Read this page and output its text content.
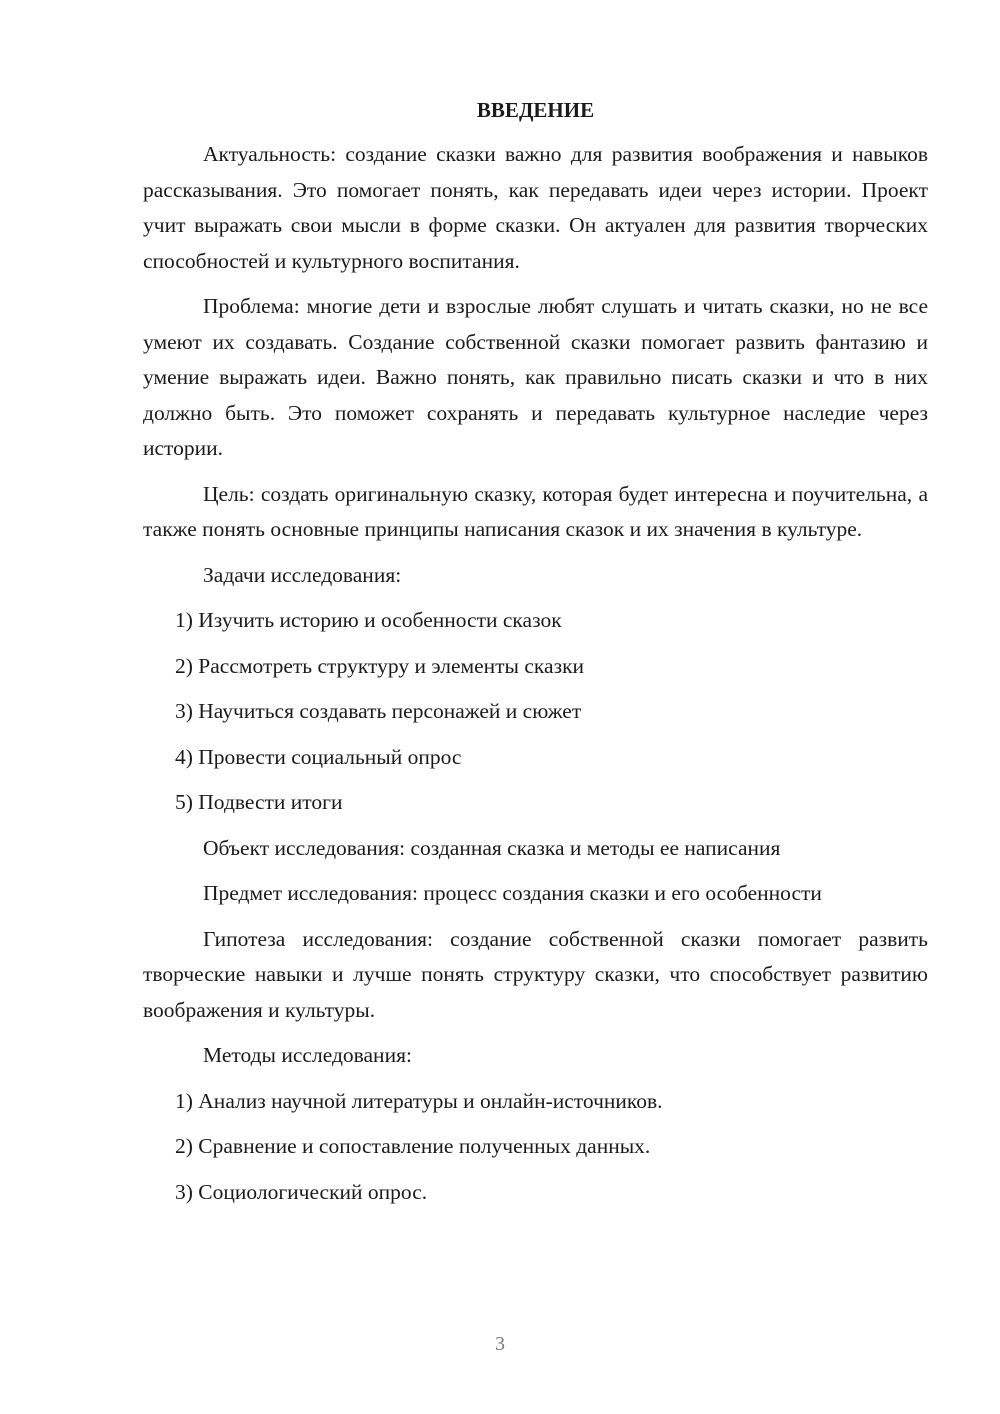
ВВЕДЕНИЕ

Актуальность: создание сказки важно для развития воображения и навыков рассказывания. Это помогает понять, как передавать идеи через истории. Проект учит выражать свои мысли в форме сказки. Он актуален для развития творческих способностей и культурного воспитания.

Проблема: многие дети и взрослые любят слушать и читать сказки, но не все умеют их создавать. Создание собственной сказки помогает развить фантазию и умение выражать идеи. Важно понять, как правильно писать сказки и что в них должно быть. Это поможет сохранять и передавать культурное наследие через истории.

Цель: создать оригинальную сказку, которая будет интересна и поучительна, а также понять основные принципы написания сказок и их значения в культуре.

Задачи исследования:
1) Изучить историю и особенности сказок
2) Рассмотреть структуру и элементы сказки
3) Научиться создавать персонажей и сюжет
4) Провести социальный опрос
5) Подвести итоги
Объект исследования: созданная сказка и методы ее написания
Предмет исследования: процесс создания сказки и его особенности

Гипотеза исследования: создание собственной сказки помогает развить творческие навыки и лучше понять структуру сказки, что способствует развитию воображения и культуры.

Методы исследования:
1) Анализ научной литературы и онлайн-источников.
2) Сравнение и сопоставление полученных данных.
3) Социологический опрос.
3
